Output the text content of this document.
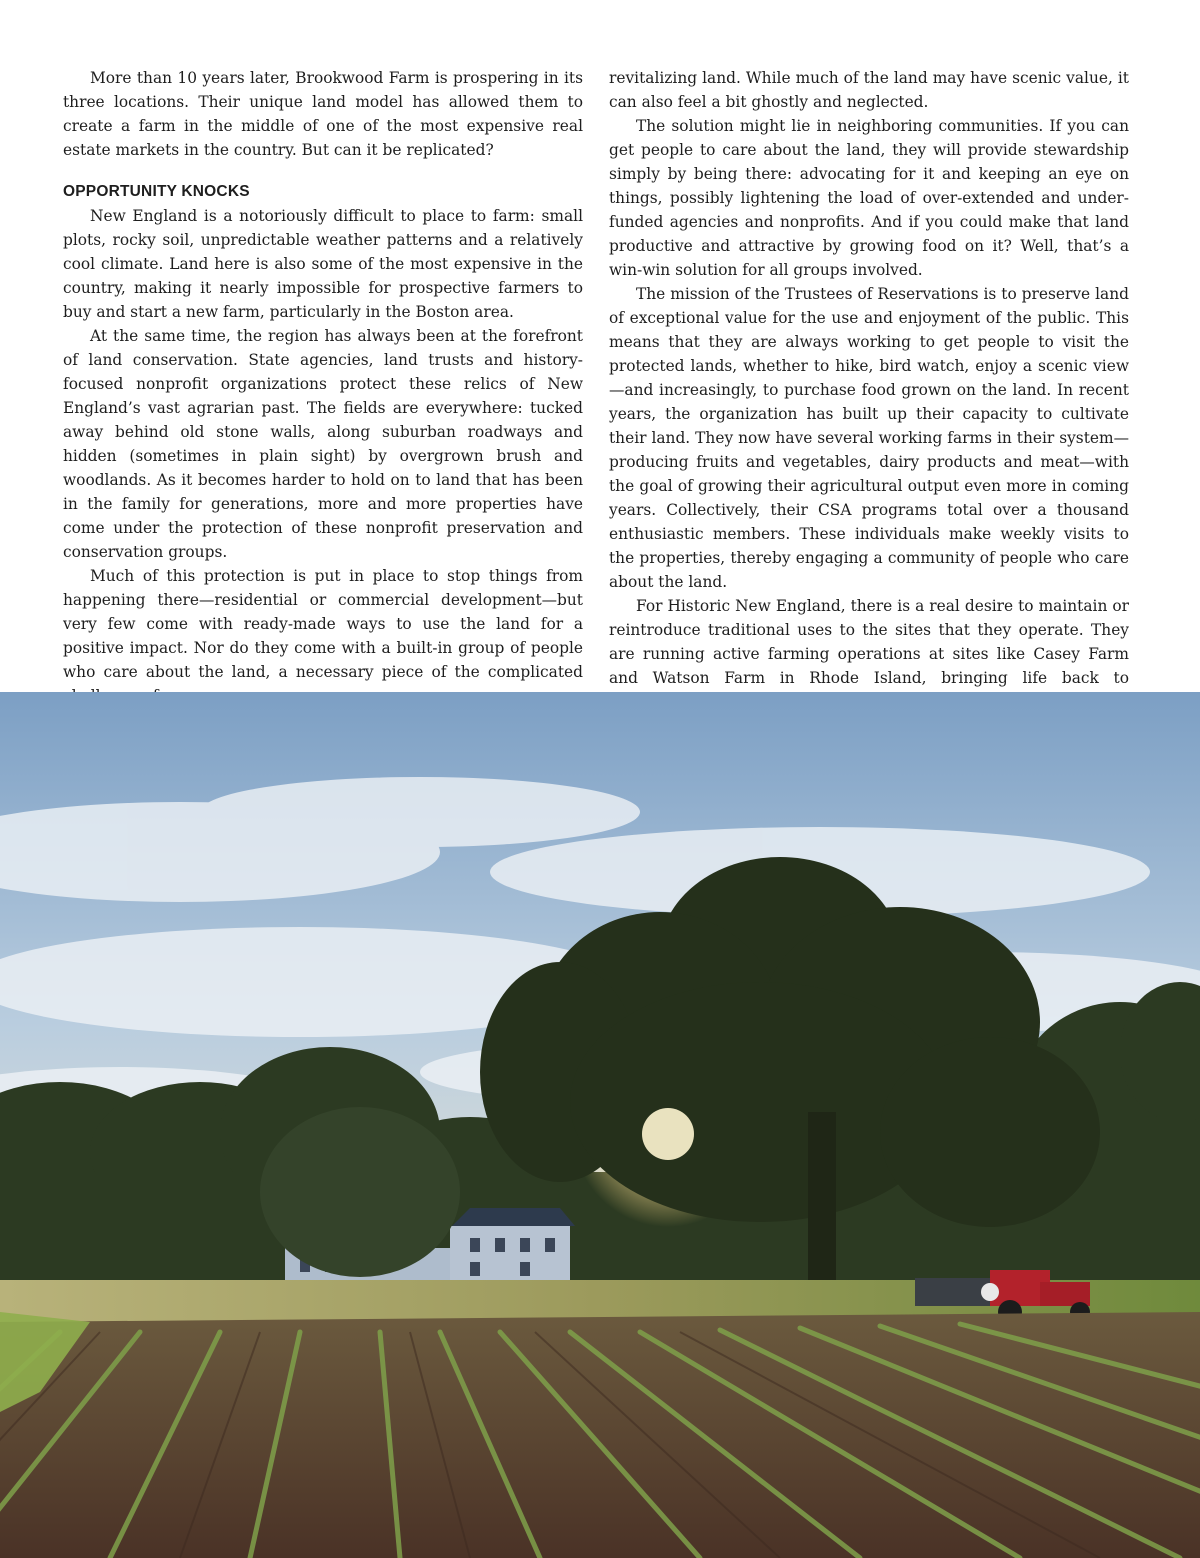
More than 10 years later, Brookwood Farm is prospering in its three locations. Their unique land model has allowed them to create a farm in the middle of one of the most expensive real estate markets in the country. But can it be replicated?

OPPORTUNITY KNOCKS

New England is a notoriously difficult to place to farm: small plots, rocky soil, unpredictable weather patterns and a relatively cool climate. Land here is also some of the most expensive in the country, making it nearly impossible for prospective farmers to buy and start a new farm, particularly in the Boston area.

At the same time, the region has always been at the forefront of land conservation. State agencies, land trusts and history-focused nonprofit organizations protect these relics of New England’s vast agrarian past. The fields are everywhere: tucked away behind old stone walls, along suburban roadways and hidden (sometimes in plain sight) by overgrown brush and woodlands. As it becomes harder to hold on to land that has been in the family for generations, more and more properties have come under the protection of these nonprofit preservation and conservation groups.

Much of this protection is put in place to stop things from happening there—residential or commercial development—but very few come with ready-made ways to use the land for a positive impact. Nor do they come with a built-in group of people who care about the land, a necessary piece of the complicated

revitalizing land. While much of the land may have scenic value, it can also feel a bit ghostly and neglected.

The solution might lie in neighboring communities. If you can get people to care about the land, they will provide stewardship simply by being there: advocating for it and keeping an eye on things, possibly lightening the load of over-extended and under-funded agencies and nonprofits. And if you could make that land productive and attractive by growing food on it? Well, that’s a win-win solution for all groups involved.

The mission of the Trustees of Reservations is to preserve land of exceptional value for the use and enjoyment of the public. This means that they are always working to get people to visit the protected lands, whether to hike, bird watch, enjoy a scenic view—and increasingly, to purchase food grown on the land. In recent years, the organization has built up their capacity to cultivate their land. They now have several working farms in their system—producing fruits and vegetables, dairy products and meat—with the goal of growing their agricultural output even more in coming years. Collectively, their CSA programs total over a thousand enthusiastic members. These individuals make weekly visits to the properties, thereby engaging a community of people who care about the land.

For Historic New England, there is a real desire to maintain or reintroduce traditional uses to the sites that they operate. They are running active farming operations at sites like Casey Farm and Watson Farm in Rhode Island, bringing life back to
